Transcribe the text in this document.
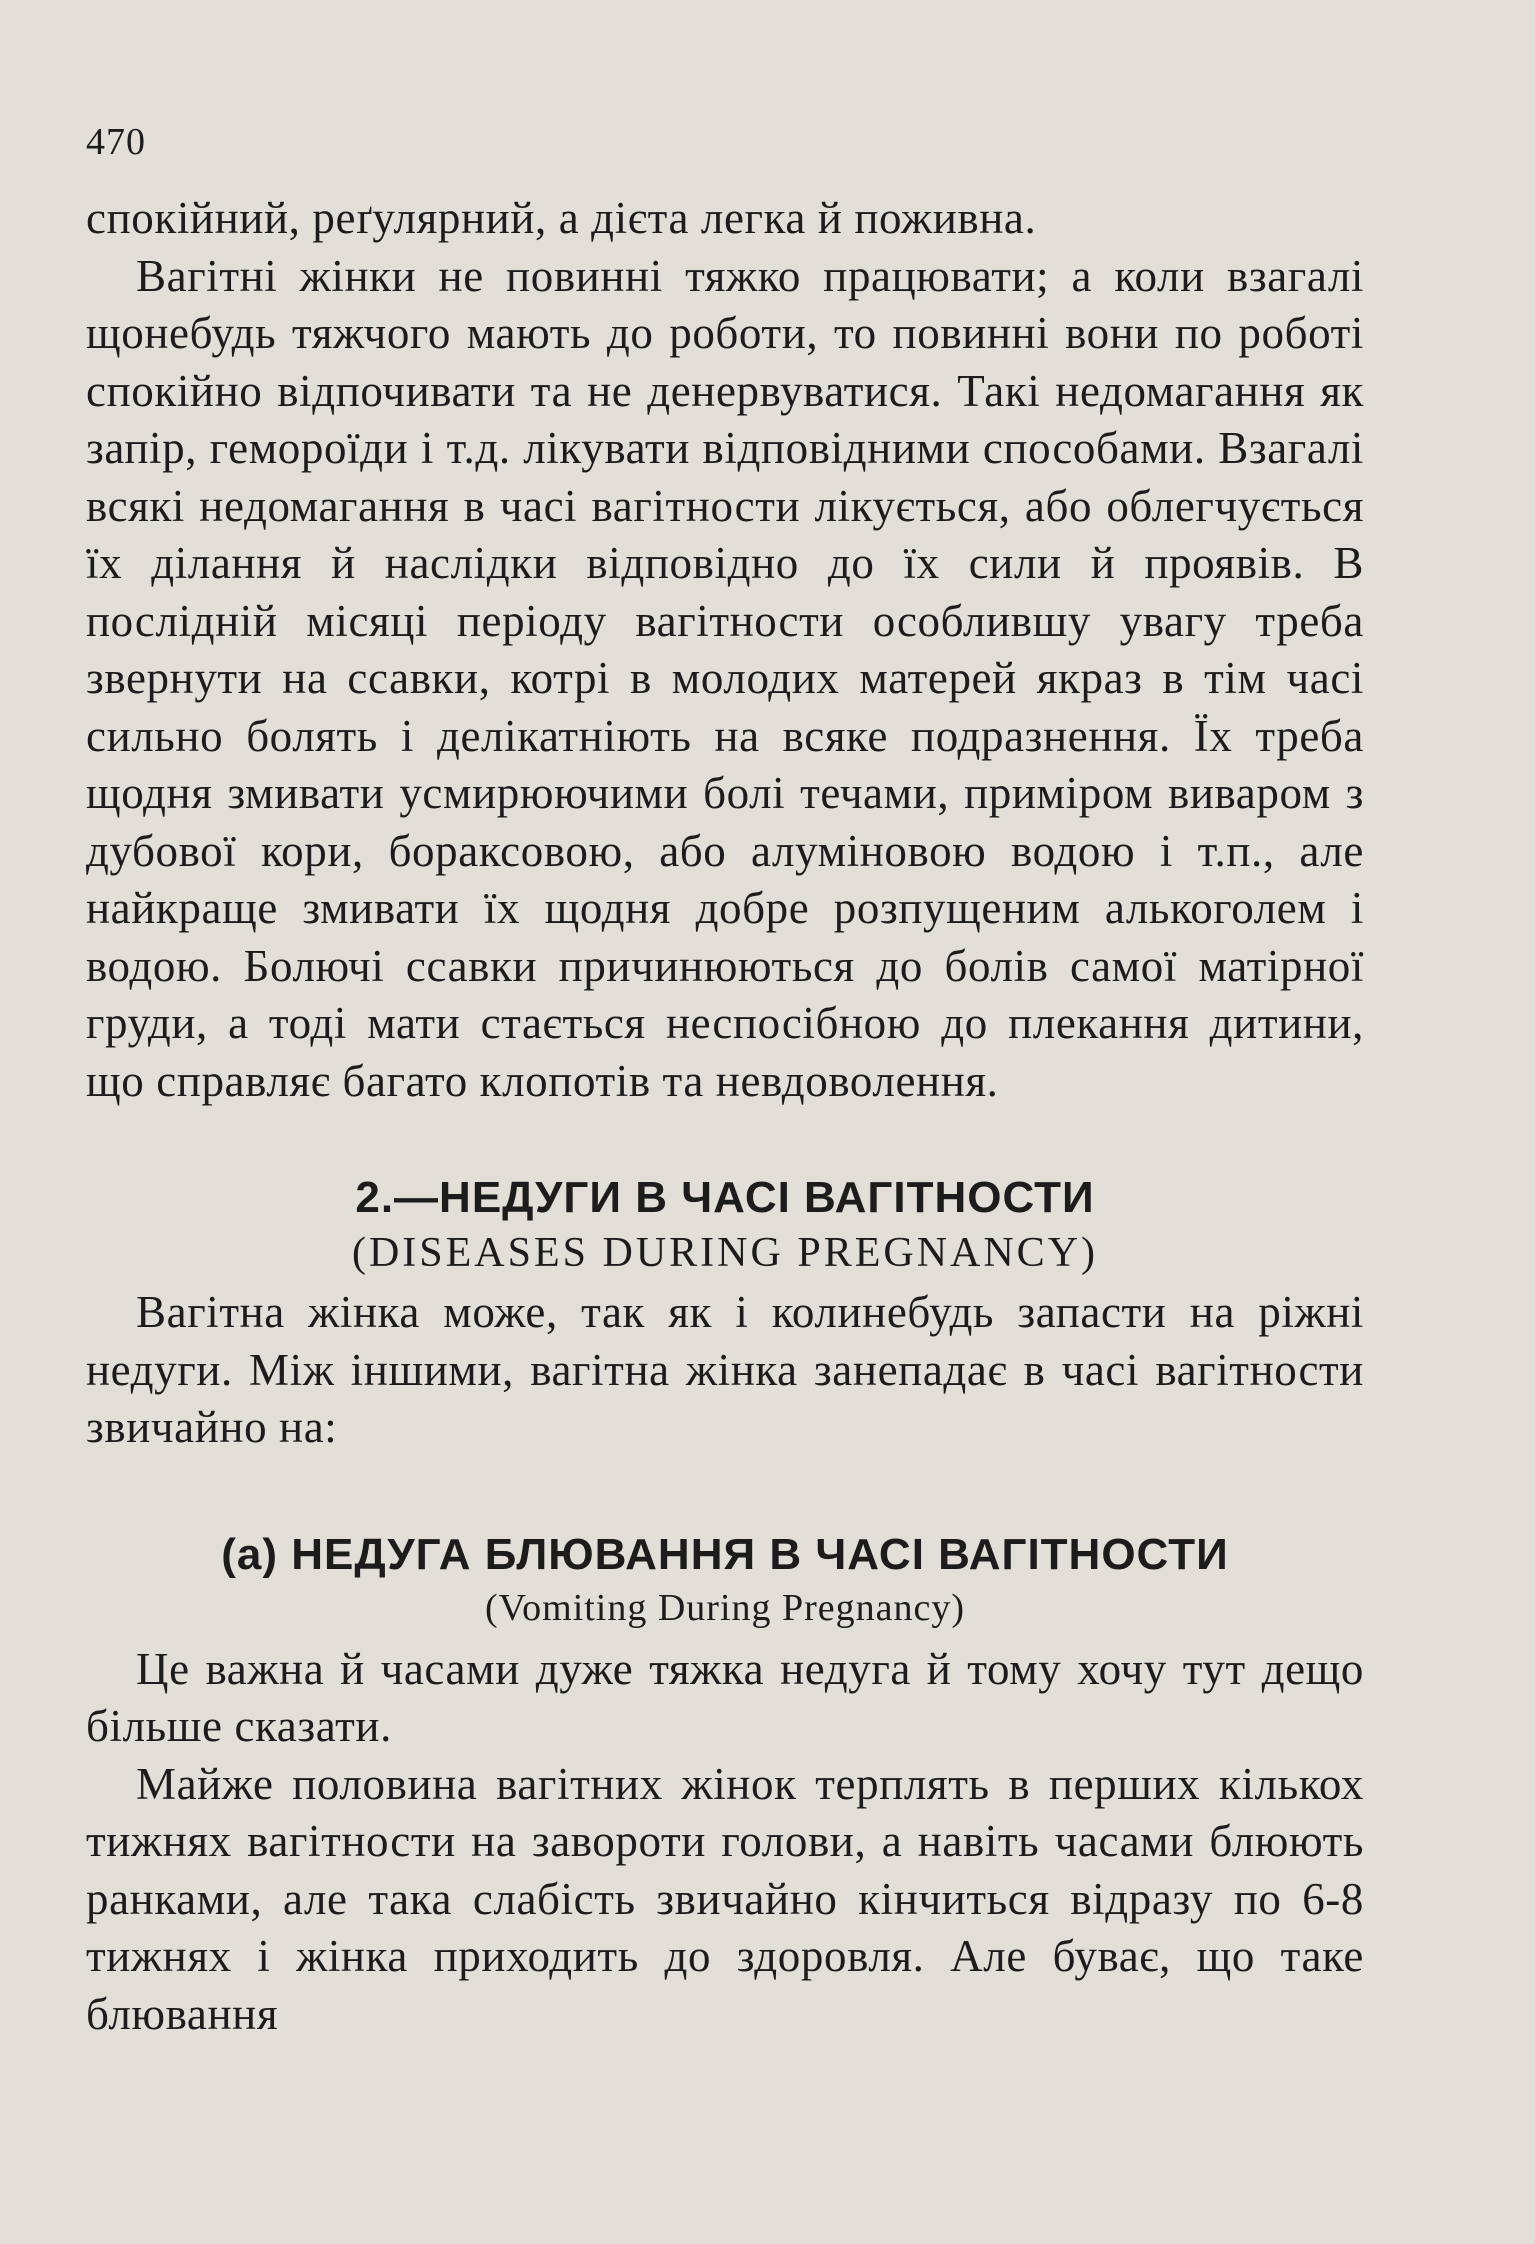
470

спокійний, реґулярний, а дієта легка й поживна.

Вагітні жінки не повинні тяжко працювати; а коли взагалі щонебудь тяжчого мають до роботи, то повинні вони по роботі спокійно відпочивати та не денервуватися. Такі недомагання як запір, гемороїди і т.д. лікувати відповідними способами. Взагалі всякі недомагання в часі вагітности лікується, або облегчується їх ділання й наслідки відповідно до їх сили й проявів. В послідній місяці періоду вагітности особлившу увагу треба звернути на ссавки, котрі в молодих матерей якраз в тім часі сильно болять і делікатніють на всяке подразнення. Їх треба щодня змивати усмирюючими болі течами, приміром виваром з дубової кори, бораксовою, або алуміновою водою і т.п., але найкраще змивати їх щодня добре розпущеним алькоголем і водою. Болючі ссавки причинюються до болів самої матірної груди, а тоді мати стається неспосібною до плекання дитини, що справляє багато клопотів та невдоволення.

2.—НЕДУГИ В ЧАСІ ВАГІТНОСТИ
(DISEASES DURING PREGNANCY)

Вагітна жінка може, так як і колинебудь запасти на ріжні недуги. Між іншими, вагітна жінка занепадає в часі вагітности звичайно на:

(а) НЕДУГА БЛЮВАННЯ В ЧАСІ ВАГІТНОСТИ
(Vomiting During Pregnancy)

Це важна й часами дуже тяжка недуга й тому хочу тут дещо більше сказати.

Майже половина вагітних жінок терплять в перших кількох тижнях вагітности на завороти голови, а навіть часами блюють ранками, але така слабість звичайно кінчиться відразу по 6-8 тижнях і жінка приходить до здоровля. Але буває, що таке блювання
